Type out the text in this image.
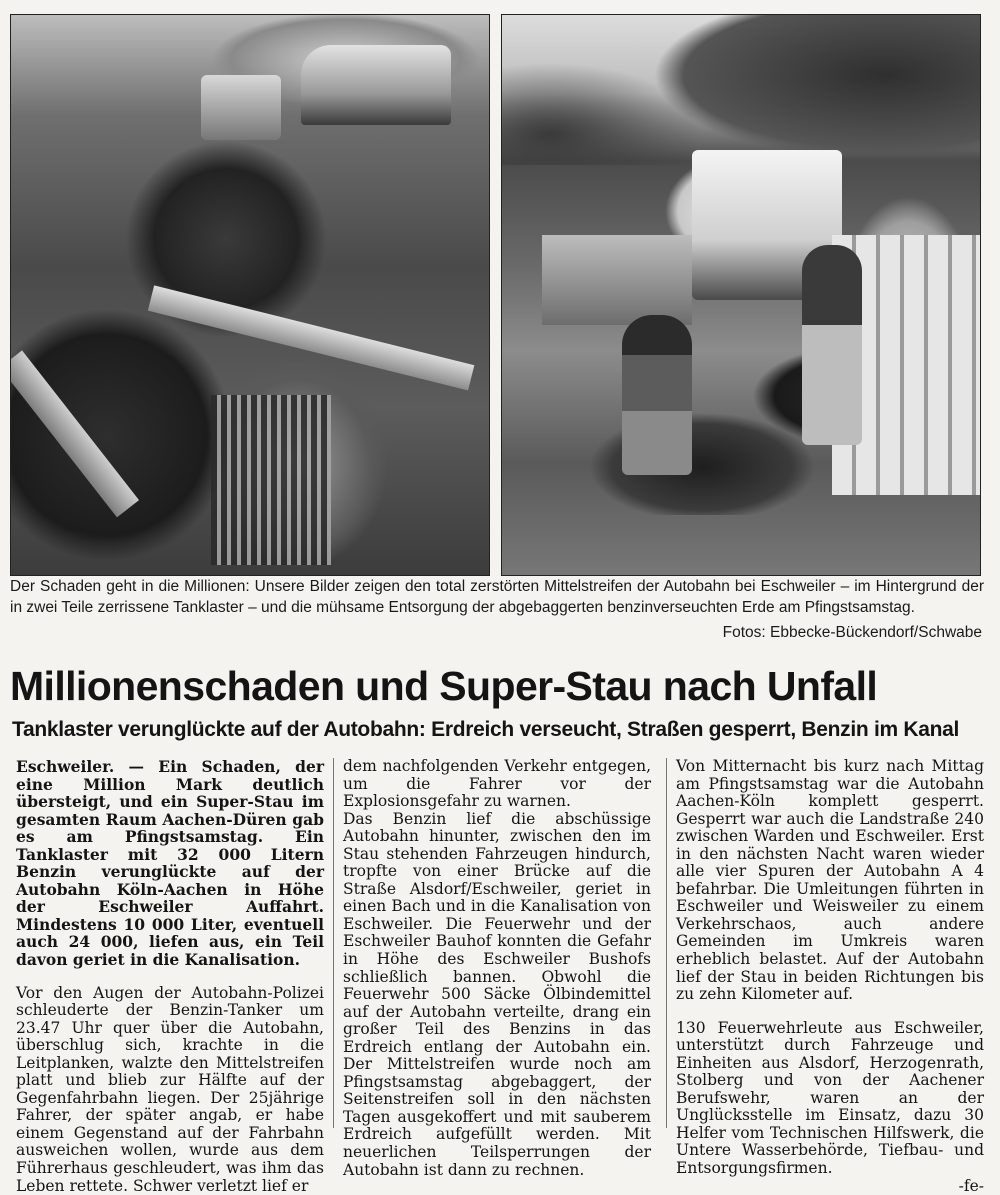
Der Schaden geht in die Millionen: Unsere Bilder zeigen den total zerstörten Mittelstreifen der Autobahn bei Eschweiler – im Hintergrund der in zwei Teile zerrissene Tanklaster – und die mühsame Entsorgung der abgebaggerten benzinverseuchten Erde am Pfingstsamstag.
Fotos: Ebbecke-Bückendorf/Schwabe
Millionenschaden und Super-Stau nach Unfall
Tanklaster verunglückte auf der Autobahn: Erdreich verseucht, Straßen gesperrt, Benzin im Kanal

Eschweiler. — Ein Schaden, der eine Million Mark deutlich übersteigt, und ein Super-Stau im gesamten Raum Aachen-Düren gab es am Pfingstsamstag. Ein Tanklaster mit 32 000 Litern Benzin verunglückte auf der Autobahn Köln-Aachen in Höhe der Eschweiler Auffahrt. Mindestens 10 000 Liter, eventuell auch 24 000, liefen aus, ein Teil davon geriet in die Kanalisation.

Vor den Augen der Autobahn-Polizei schleuderte der Benzin-Tanker um 23.47 Uhr quer über die Autobahn, überschlug sich, krachte in die Leitplanken, walzte den Mittelstreifen platt und blieb zur Hälfte auf der Gegenfahrbahn liegen. Der 25jährige Fahrer, der später angab, er habe einem Gegenstand auf der Fahrbahn ausweichen wollen, wurde aus dem Führerhaus geschleudert, was ihm das Leben rettete. Schwer verletzt lief er

dem nachfolgenden Verkehr entgegen, um die Fahrer vor der Explosionsgefahr zu warnen.

Das Benzin lief die abschüssige Autobahn hinunter, zwischen den im Stau stehenden Fahrzeugen hindurch, tropfte von einer Brücke auf die Straße Alsdorf/Eschweiler, geriet in einen Bach und in die Kanalisation von Eschweiler. Die Feuerwehr und der Eschweiler Bauhof konnten die Gefahr in Höhe des Eschweiler Bushofs schließlich bannen. Obwohl die Feuerwehr 500 Säcke Ölbindemittel auf der Autobahn verteilte, drang ein großer Teil des Benzins in das Erdreich entlang der Autobahn ein. Der Mittelstreifen wurde noch am Pfingstsamstag abgebaggert, der Seitenstreifen soll in den nächsten Tagen ausgekoffert und mit sauberem Erdreich aufgefüllt werden. Mit neuerlichen Teilsperrungen der Autobahn ist dann zu rechnen.

Von Mitternacht bis kurz nach Mittag am Pfingstsamstag war die Autobahn Aachen-Köln komplett gesperrt. Gesperrt war auch die Landstraße 240 zwischen Warden und Eschweiler. Erst in den nächsten Nacht waren wieder alle vier Spuren der Autobahn A 4 befahrbar. Die Umleitungen führten in Eschweiler und Weisweiler zu einem Verkehrschaos, auch andere Gemeinden im Umkreis waren erheblich belastet. Auf der Autobahn lief der Stau in beiden Richtungen bis zu zehn Kilometer auf.

130 Feuerwehrleute aus Eschweiler, unterstützt durch Fahrzeuge und Einheiten aus Alsdorf, Herzogenrath, Stolberg und von der Aachener Berufswehr, waren an der Unglücksstelle im Einsatz, dazu 30 Helfer vom Technischen Hilfswerk, die Untere Wasserbehörde, Tiefbau- und Entsorgungsfirmen.

-fe-
